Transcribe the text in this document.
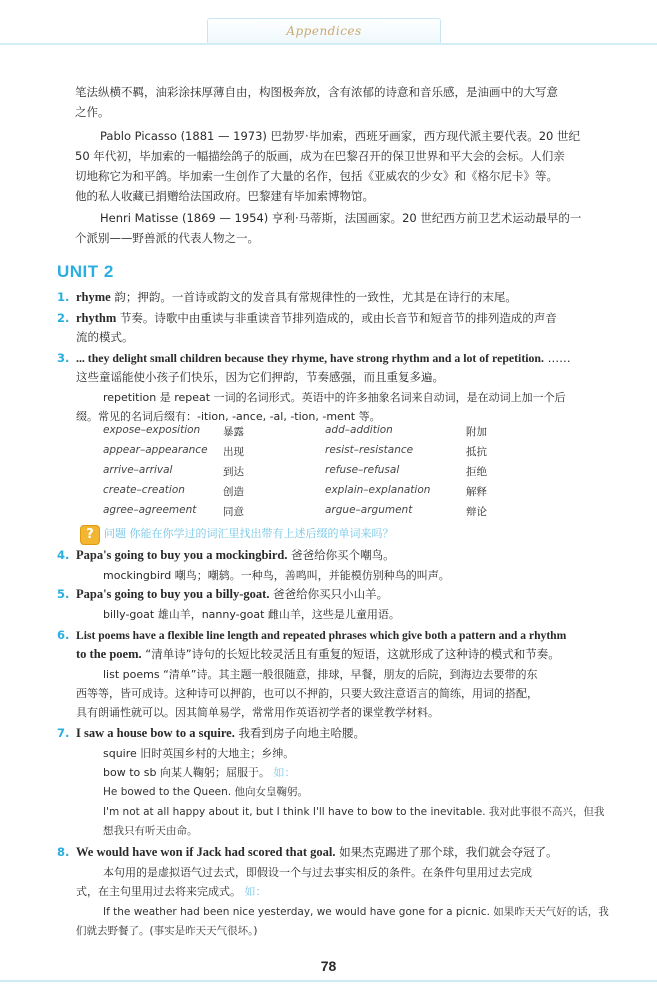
Appendices

笔法纵横不羁，油彩涂抹厚薄自由，构图极奔放，含有浓郁的诗意和音乐感，是油画中的大写意

之作。

Pablo Picasso (1881 — 1973) 巴勃罗·毕加索，西班牙画家，西方现代派主要代表。20 世纪

50 年代初，毕加索的一幅描绘鸽子的版画，成为在巴黎召开的保卫世界和平大会的会标。人们亲

切地称它为和平鸽。毕加索一生创作了大量的名作，包括《亚威农的少女》和《格尔尼卡》等。

他的私人收藏已捐赠给法国政府。巴黎建有毕加索博物馆。

Henri Matisse (1869 — 1954) 亨利·马蒂斯，法国画家。20 世纪西方前卫艺术运动最早的一

个派别——野兽派的代表人物之一。

UNIT 2

1. rhyme 韵；押韵。一首诗或韵文的发音具有常规律性的一致性，尤其是在诗行的末尾。

2. rhythm 节奏。诗歌中由重读与非重读音节排列造成的，或由长音节和短音节的排列造成的声音

流的模式。

3. ... they delight small children because they rhyme, have strong rhythm and a lot of repetition. ……

这些童谣能使小孩子们快乐，因为它们押韵，节奏感强，而且重复多遍。

repetition 是 repeat 一词的名词形式。英语中的许多抽象名词来自动词，是在动词上加一个后

缀。常见的名词后缀有：-ition, -ance, -al, -tion, -ment 等。

expose–exposition 暴露	add–addition	附加
appear–appearance 出现	resist–resistance	抵抗
arrive–arrival	到达	refuse–refusal	拒绝
create–creation	创造	explain–explanation	解释
agree–agreement	同意	argue–argument	辩论
? 问题 你能在你学过的词汇里找出带有上述后缀的单词来吗？

4. Papa's going to buy you a mockingbird. 爸爸给你买个嘲鸟。

mockingbird 嘲鸟；嘲鸫。一种鸟，善鸣叫，并能模仿别种鸟的叫声。

5. Papa's going to buy you a billy-goat. 爸爸给你买只小山羊。

billy-goat 雄山羊，nanny-goat 雌山羊，这些是儿童用语。

6. List poems have a flexible line length and repeated phrases which give both a pattern and a rhythm

to the poem. “清单诗”诗句的长短比较灵活且有重复的短语，这就形成了这种诗的模式和节奏。

list poems “清单”诗。其主题一般很随意，排球，早餐，朋友的后院，到海边去要带的东

西等等，皆可成诗。这种诗可以押韵，也可以不押韵，只要大致注意语言的简练，用词的搭配，

具有朗诵性就可以。因其简单易学，常常用作英语初学者的课堂教学材料。

7. I saw a house bow to a squire. 我看到房子向地主哈腰。

squire 旧时英国乡村的大地主；乡绅。

bow to sb 向某人鞠躬；屈服于。 如：

He bowed to the Queen. 他向女皇鞠躬。

I'm not at all happy about it, but I think I'll have to bow to the inevitable. 我对此事很不高兴，但我

想我只有听天由命。

8. We would have won if Jack had scored that goal. 如果杰克踢进了那个球，我们就会夺冠了。

本句用的是虚拟语气过去式，即假设一个与过去事实相反的条件。在条件句里用过去完成

式，在主句里用过去将来完成式。 如：

If the weather had been nice yesterday, we would have gone for a picnic. 如果昨天天气好的话，我

们就去野餐了。(事实是昨天天气很坏。)

78
